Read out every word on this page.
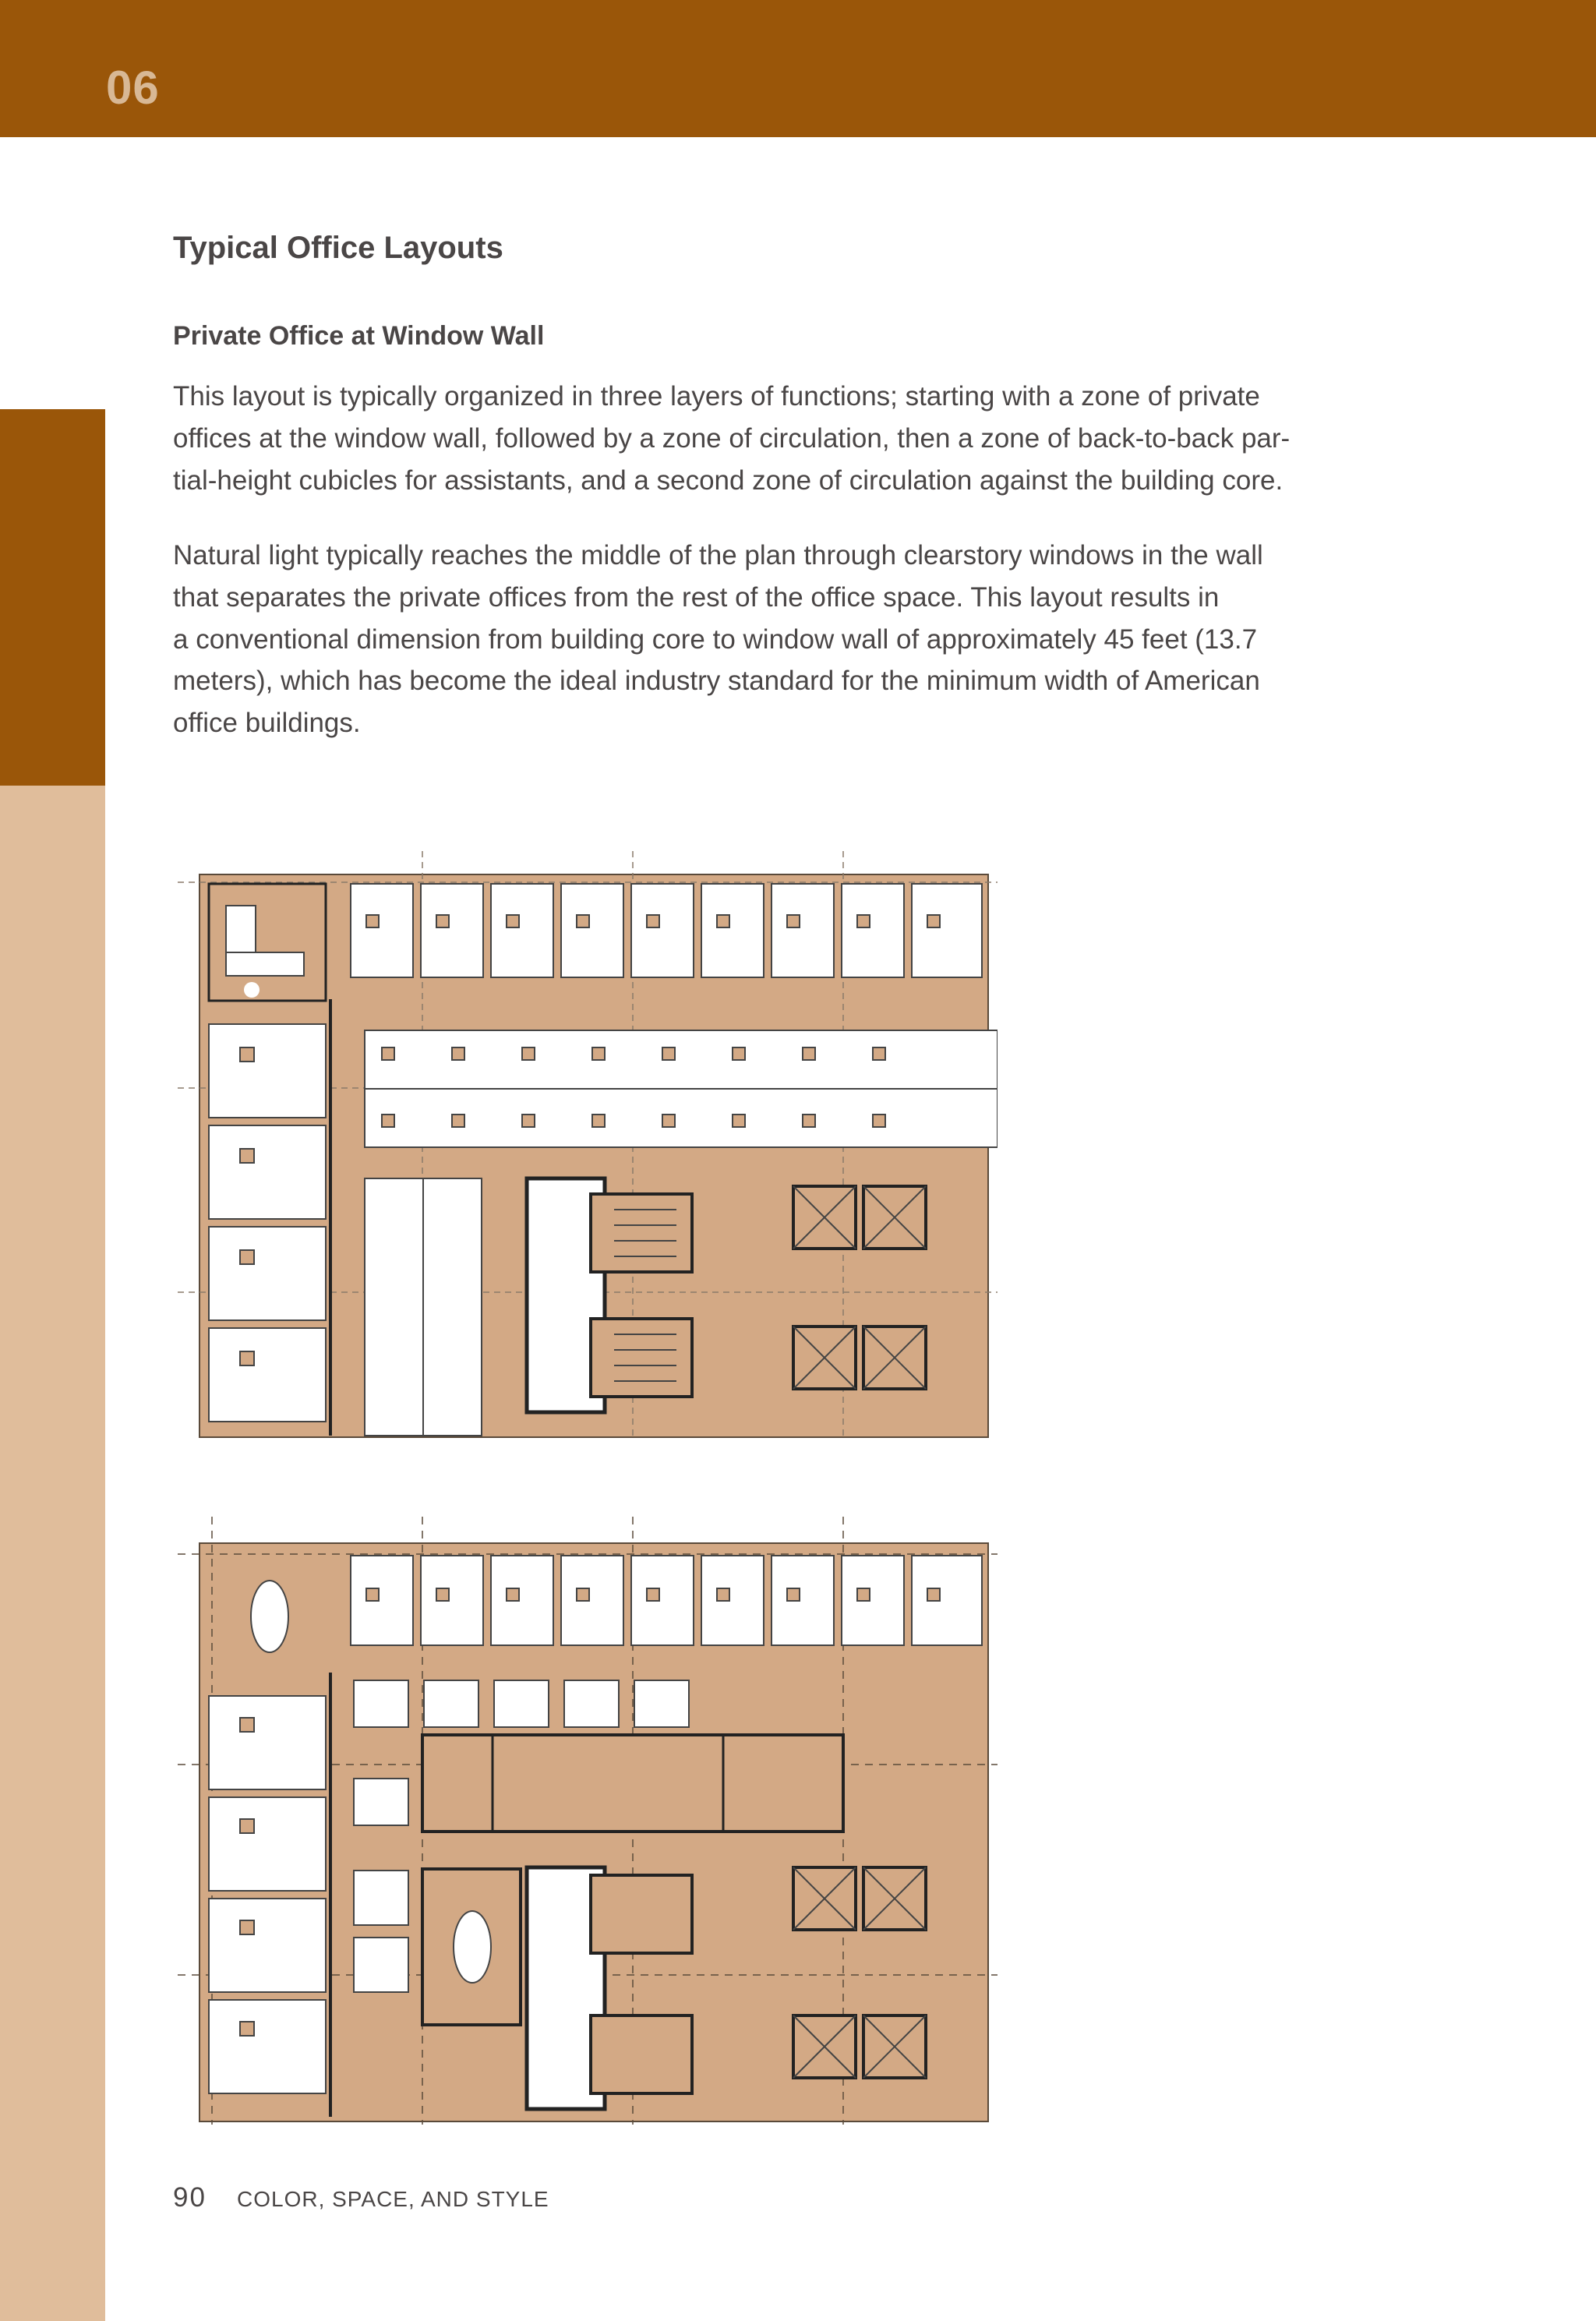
06
Typical Office Layouts
Private Office at Window Wall

This layout is typically organized in three layers of functions; starting with a zone of private
offices at the window wall, followed by a zone of circulation, then a zone of back-to-back par-
tial-height cubicles for assistants, and a second zone of circulation against the building core.

Natural light typically reaches the middle of the plan through clearstory windows in the wall
that separates the private offices from the rest of the office space. This layout results in
a conventional dimension from building core to window wall of approximately 45 feet (13.7
meters), which has become the ideal industry standard for the minimum width of American
office buildings.

90 COLOR, SPACE, AND STYLE
